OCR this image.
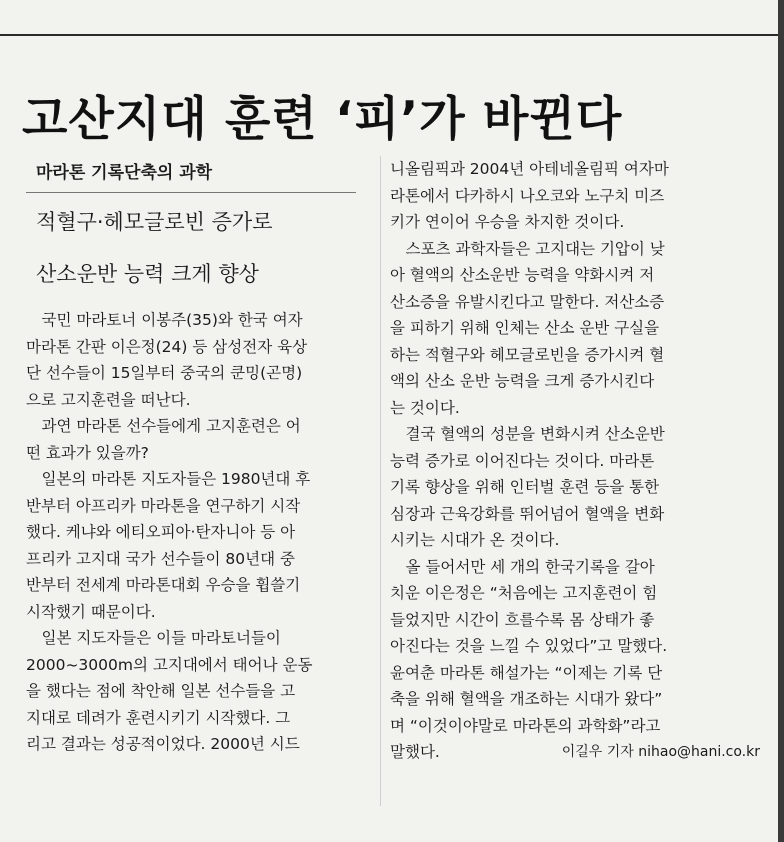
고산지대 훈련 ‘피’가 바뀐다
마라톤 기록단축의 과학
적혈구·헤모글로빈 증가로
산소운반 능력 크게 향상
국민 마라토너 이봉주(35)와 한국 여자
마라톤 간판 이은정(24) 등 삼성전자 육상
단 선수들이 15일부터 중국의 쿤밍(곤명)
으로 고지훈련을 떠난다.
과연 마라톤 선수들에게 고지훈련은 어
떤 효과가 있을까?
일본의 마라톤 지도자들은 1980년대 후
반부터 아프리카 마라톤을 연구하기 시작
했다. 케냐와 에티오피아·탄자니아 등 아
프리카 고지대 국가 선수들이 80년대 중
반부터 전세계 마라톤대회 우승을 휩쓸기
시작했기 때문이다.
일본 지도자들은 이들 마라토너들이
2000~3000m의 고지대에서 태어나 운동
을 했다는 점에 착안해 일본 선수들을 고
지대로 데려가 훈련시키기 시작했다. 그
리고 결과는 성공적이었다. 2000년 시드
니올림픽과 2004년 아테네올림픽 여자마
라톤에서 다카하시 나오코와 노구치 미즈
키가 연이어 우승을 차지한 것이다.
스포츠 과학자들은 고지대는 기압이 낮
아 혈액의 산소운반 능력을 약화시켜 저
산소증을 유발시킨다고 말한다. 저산소증
을 피하기 위해 인체는 산소 운반 구실을
하는 적혈구와 헤모글로빈을 증가시켜 혈
액의 산소 운반 능력을 크게 증가시킨다
는 것이다.
결국 혈액의 성분을 변화시켜 산소운반
능력 증가로 이어진다는 것이다. 마라톤
기록 향상을 위해 인터벌 훈련 등을 통한
심장과 근육강화를 뛰어넘어 혈액을 변화
시키는 시대가 온 것이다.
올 들어서만 세 개의 한국기록을 갈아
치운 이은정은 “처음에는 고지훈련이 힘
들었지만 시간이 흐를수록 몸 상태가 좋
아진다는 것을 느낄 수 있었다”고 말했다.
윤여춘 마라톤 해설가는 “이제는 기록 단
축을 위해 혈액을 개조하는 시대가 왔다”
며 “이것이야말로 마라톤의 과학화”라고
말했다.	이길우 기자 nihao@hani.co.kr
